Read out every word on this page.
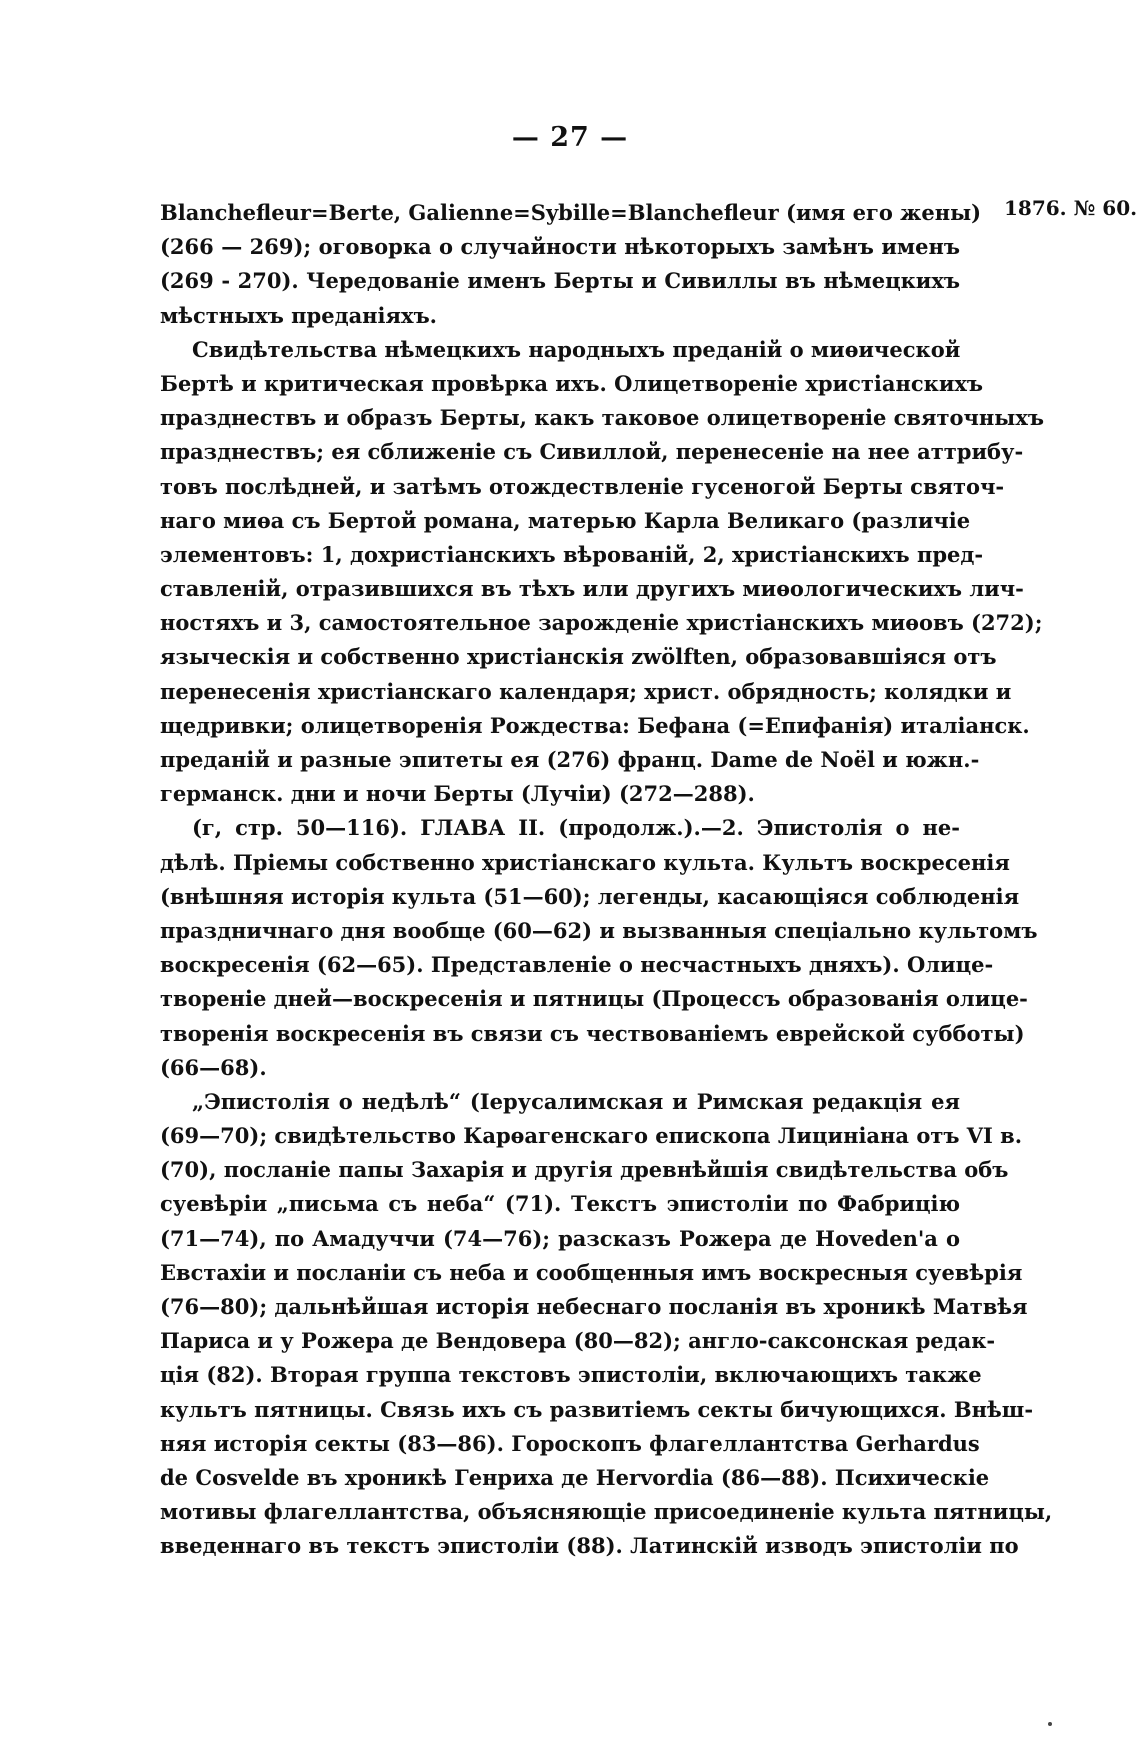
— 27 —
1876. № 60.
Blanchefleur=Berte, Galienne=Sybille=Blanchefleur (имя его жены)
(266 — 269); оговорка о случайности нѣкоторыхъ замѣнъ именъ
(269 - 270). Чередованіе именъ Берты и Сивиллы въ нѣмецкихъ
мѣстныхъ преданіяхъ.
Свидѣтельства нѣмецкихъ народныхъ преданій о миѳической
Бертѣ и критическая провѣрка ихъ. Олицетвореніе христіанскихъ
празднествъ и образъ Берты, какъ таковое олицетвореніе святочныхъ
празднествъ; ея сближеніе съ Сивиллой, перенесеніе на нее аттрибу-
товъ послѣдней, и затѣмъ отождествленіе гусеногой Берты святоч-
наго миѳа съ Бертой романа, матерью Карла Великаго (различіе
элементовъ: 1, дохристіанскихъ вѣрованій, 2, христіанскихъ пред-
ставленій, отразившихся въ тѣхъ или другихъ миѳологическихъ лич-
ностяхъ и 3, самостоятельное зарожденіе христіанскихъ миѳовъ (272);
языческія и собственно христіанскія zwölften, образовавшіяся отъ
перенесенія христіанскаго календаря; христ. обрядность; колядки и
щедривки; олицетворенія Рождества: Бефана (=Епифанія) италіанск.
преданій и разные эпитеты ея (276) франц. Dame de Noël и южн.-
германск. дни и ночи Берты (Лучіи) (272—288).
(г, стр. 50—116). ГЛАВА II. (продолж.).—2. Эпистолія о не-
дѣлѣ. Пріемы собственно христіанскаго культа. Культъ воскресенія
(внѣшняя исторія культа (51—60); легенды, касающіяся соблюденія
праздничнаго дня вообще (60—62) и вызванныя спеціально культомъ
воскресенія (62—65). Представленіе о несчастныхъ дняхъ). Олице-
твореніе дней—воскресенія и пятницы (Процессъ образованія олице-
творенія воскресенія въ связи съ чествованіемъ еврейской субботы)
(66—68).
„Эпистолія о недѣлѣ“ (Іерусалимская и Римская редакція ея
(69—70); свидѣтельство Карѳагенскаго епископа Лициніана отъ VI в.
(70), посланіе папы Захарія и другія древнѣйшія свидѣтельства объ
суевѣріи „письма съ неба“ (71). Текстъ эпистоліи по Фабрицію
(71—74), по Амадуччи (74—76); разсказъ Рожера де Hoveden'а о
Евстахіи и посланіи съ неба и сообщенныя имъ воскресныя суевѣрія
(76—80); дальнѣйшая исторія небеснаго посланія въ хроникѣ Матвѣя
Париса и у Рожера де Вендовера (80—82); англо-саксонская редак-
ція (82). Вторая группа текстовъ эпистоліи, включающихъ также
культъ пятницы. Связь ихъ съ развитіемъ секты бичующихся. Внѣш-
няя исторія секты (83—86). Гороскопъ флагеллантства Gerhardus
de Cosvelde въ хроникѣ Генриха де Hervordia (86—88). Психическіе
мотивы флагеллантства, объясняющіе присоединеніе культа пятницы,
введеннаго въ текстъ эпистоліи (88). Латинскій изводъ эпистоліи по
